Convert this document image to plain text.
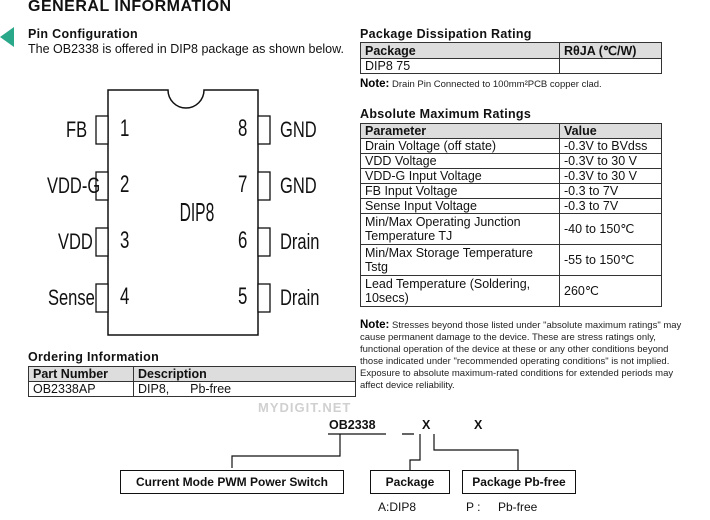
GENERAL INFORMATION
Pin Configuration
The OB2338 is offered in DIP8 package as shown below.
FB
VDD-G
VDD
Sense
1
2
3
4
DIP8
8
7
6
5
GND
GND
Drain
Drain
Package Dissipation Rating
Package	RθJA (℃/W)
DIP8 75	
Note: Drain Pin Connected to 100mm²PCB copper clad.
Absolute Maximum Ratings
Parameter	Value
Drain Voltage (off state)	-0.3V to BVdss
VDD Voltage	-0.3V to 30 V
VDD-G Input Voltage	-0.3V to 30 V
FB Input Voltage	-0.3 to 7V
Sense Input Voltage	-0.3 to 7V
Min/Max Operating Junction Temperature TJ	-40 to 150℃
Min/Max Storage Temperature Tstg	-55 to 150℃
Lead Temperature (Soldering, 10secs)	260℃
Note: Stresses beyond those listed under "absolute maximum ratings" may cause permanent damage to the device. These are stress ratings only, functional operation of the device at these or any other conditions beyond those indicated under "recommended operating conditions" is not implied. Exposure to absolute maximum-rated conditions for extended periods may affect device reliability.
Ordering Information
Part Number	Description
OB2338AP	DIP8, Pb-free
MYDIGIT.NET
OB2338	X	X
Current Mode PWM Power Switch	Package	Package Pb-free
A:DIP8	P : Pb-free
